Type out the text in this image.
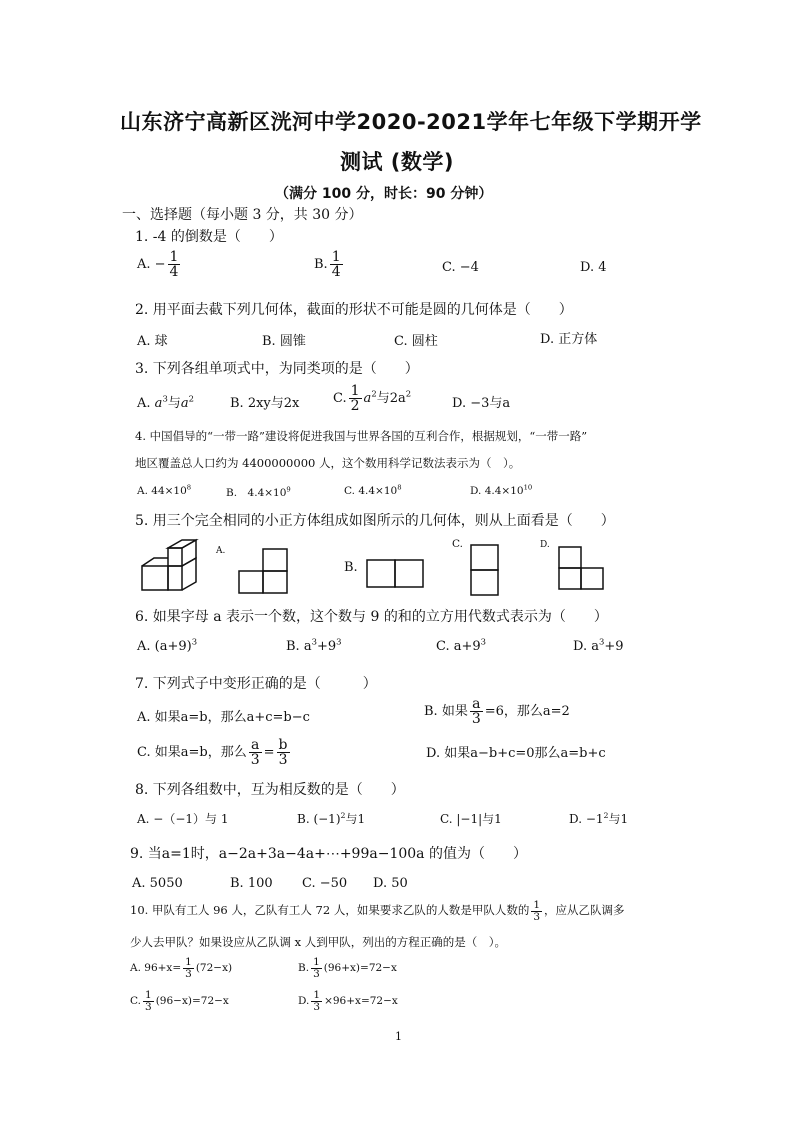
山东济宁高新区洸河中学2020-2021学年七年级下学期开学
测试 (数学)
（满分 100 分，时长：90 分钟）
一、选择题（每小题 3 分，共 30 分）
1. -4 的倒数是（　　）
A. − $\frac{1}{4}$	B. $\frac{1}{4}$	C. −4	D. 4
2. 用平面去截下列几何体，截面的形状不可能是圆的几何体是（　　）
A. 球	B. 圆锥	C. 圆柱	D. 正方体
3. 下列各组单项式中，为同类项的是（　　）
A. $a^3$与$a^2$	B. 2xy与2x	C. $\frac{1}{2} a^2$与$2a^2$
D. −3与a
4. 中国倡导的“一带一路”建设将促进我国与世界各国的互利合作，根据规划，“一带一路”
地区覆盖总人口约为 4400000000 人，这个数用科学记数法表示为（　）。
A. $44\times 10^8$	B.　$4.4\times 10^9$	C. $4.4\times 10^8$	D. $4.4\times 10^{10}$
5. 用三个完全相同的小正方体组成如图所示的几何体，则从上面看是（　　）
A.
B.
C.	D.
6. 如果字母 a 表示一个数，这个数与 9 的和的立方用代数式表示为（　　）
A. $(a+9)^3$	B. $a^3+9^3$	C. $a+9^3$	D. $a^3+9$
7. 下列式子中变形正确的是（　　　）
A. 如果a=b，那么a+c=b−c	B. 如果 $\frac{a}{3} =6$，那么a=2
C. 如果a=b，那么 $\frac{a}{3} = \frac{b}{3}$	D. 如果a−b+c=0那么a=b+c
8. 下列各组数中，互为相反数的是（　　）
A. −（−1）与 1	B. $(-1)^2$与1	C. |−1|与1	D. $-1^2$与1
9. 当a=1时，a−2a+3a−4a+⋯+99a−100a 的值为（　　）
A. 5050	B. 100 C. −50 D. 50
10. 甲队有工人 96 人，乙队有工人 72 人，如果要求乙队的人数是甲队人数的 $\frac{1}{3}$ ，应从乙队调多
少人去甲队？如果设应从乙队调 x 人到甲队，列出的方程正确的是（　）。
A. $96+x= \frac{1}{3} (72-x)$	B. $\frac{1}{3} (96+x)=72-x$
C. $\frac{1}{3} (96-x)=72-x$	D. $\frac{1}{3} \times 96+x=72-x$
1
